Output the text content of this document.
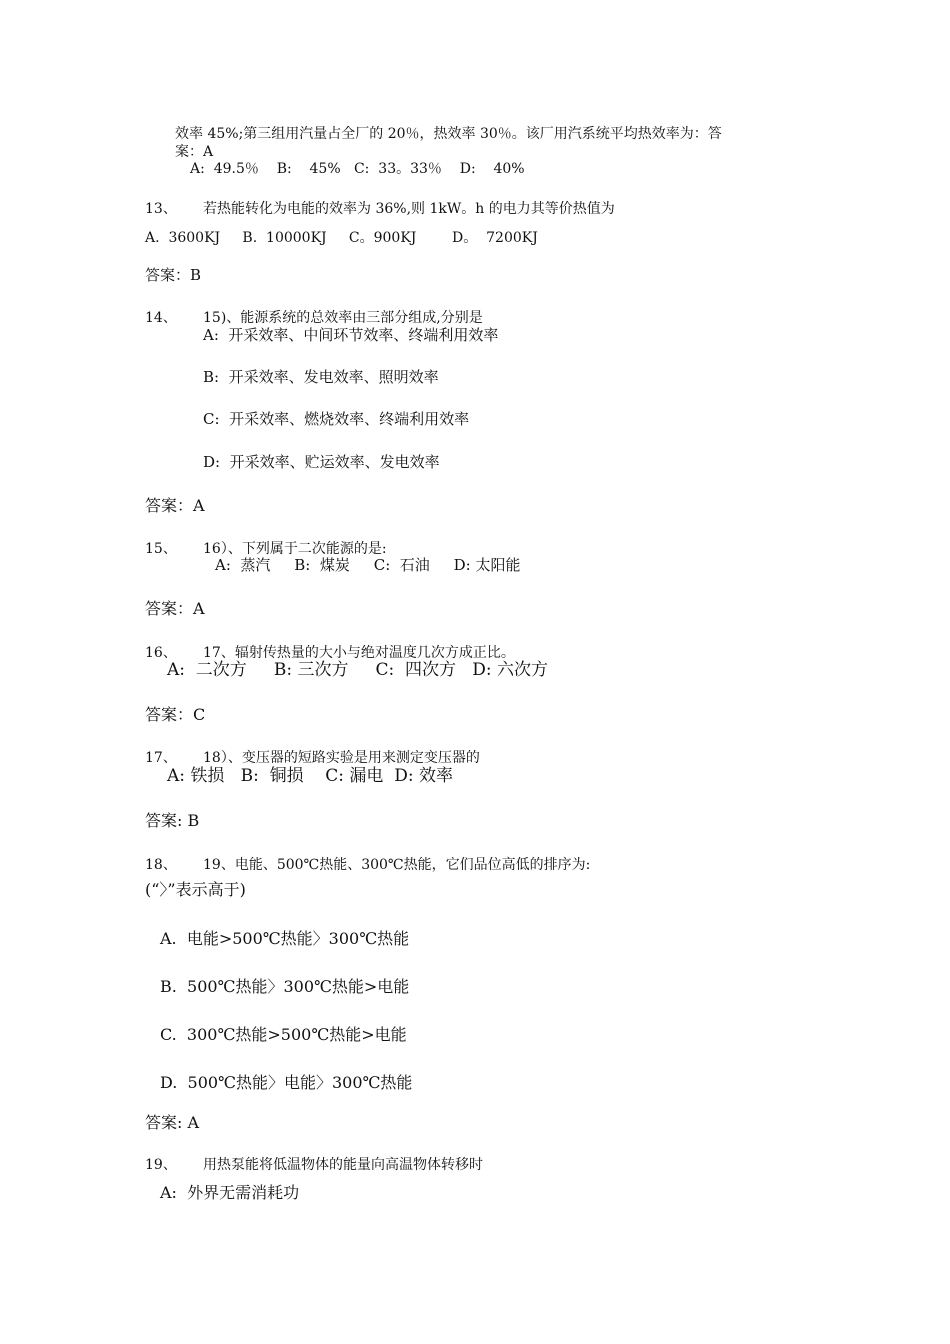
效率 45%;第三组用汽量占全厂的 20％，热效率 30％。该厂用汽系统平均热效率为：答
案：A
A:  49.5％    B:    45%   C:  33。33％    D:    40%
13、 若热能转化为电能的效率为 36%,则 1kW。h 的电力其等价热值为
A.  3600KJ     B.  10000KJ     C。900KJ        D。  7200KJ
答案：B
14、 15)、能源系统的总效率由三部分组成,分别是
A:  开采效率、中间环节效率、终端利用效率
B:  开采效率、发电效率、照明效率
C:  开采效率、燃烧效率、终端利用效率
D:  开采效率、贮运效率、发电效率
答案：A
15、 16）、下列属于二次能源的是:
A:  蒸汽     B:  煤炭     C:  石油     D: 太阳能
答案：A
16、 17、辐射传热量的大小与绝对温度几次方成正比。
A:  二次方     B: 三次方     C:  四次方   D: 六次方
答案：C
17、 18）、变压器的短路实验是用来测定变压器的
A: 铁损   B:  铜损    C: 漏电  D: 效率
答案: B
18、 19、电能、500℃热能、300℃热能，它们品位高低的排序为:
(“〉”表示高于)
A.  电能>500℃热能〉300℃热能
B.  500℃热能〉300℃热能>电能
C.  300℃热能>500℃热能>电能
D.  500℃热能〉电能〉300℃热能
答案: A
19、 用热泵能将低温物体的能量向高温物体转移时
A:  外界无需消耗功
